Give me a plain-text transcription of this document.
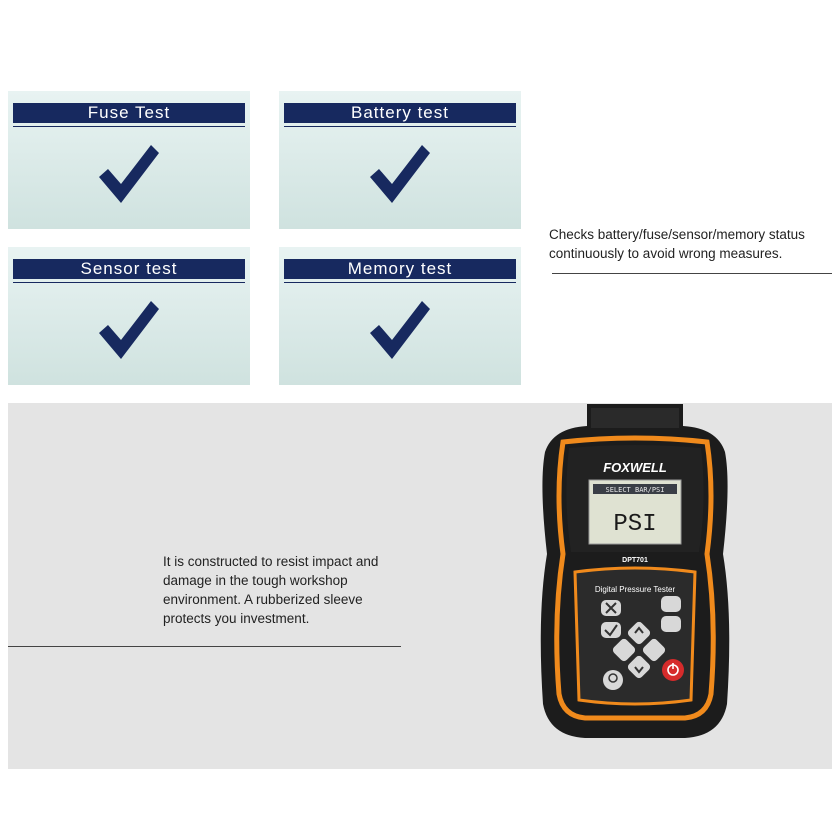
Fuse Test	Battery test
Sensor test	Memory test
Checks battery/fuse/sensor/memory status continuously to avoid wrong measures.
It is constructed to resist impact and damage in the tough workshop environment. A rubberized sleeve protects you investment.
FOXWELL
SELECT BAR/PSI
PSI
DPT701
Digital Pressure Tester
